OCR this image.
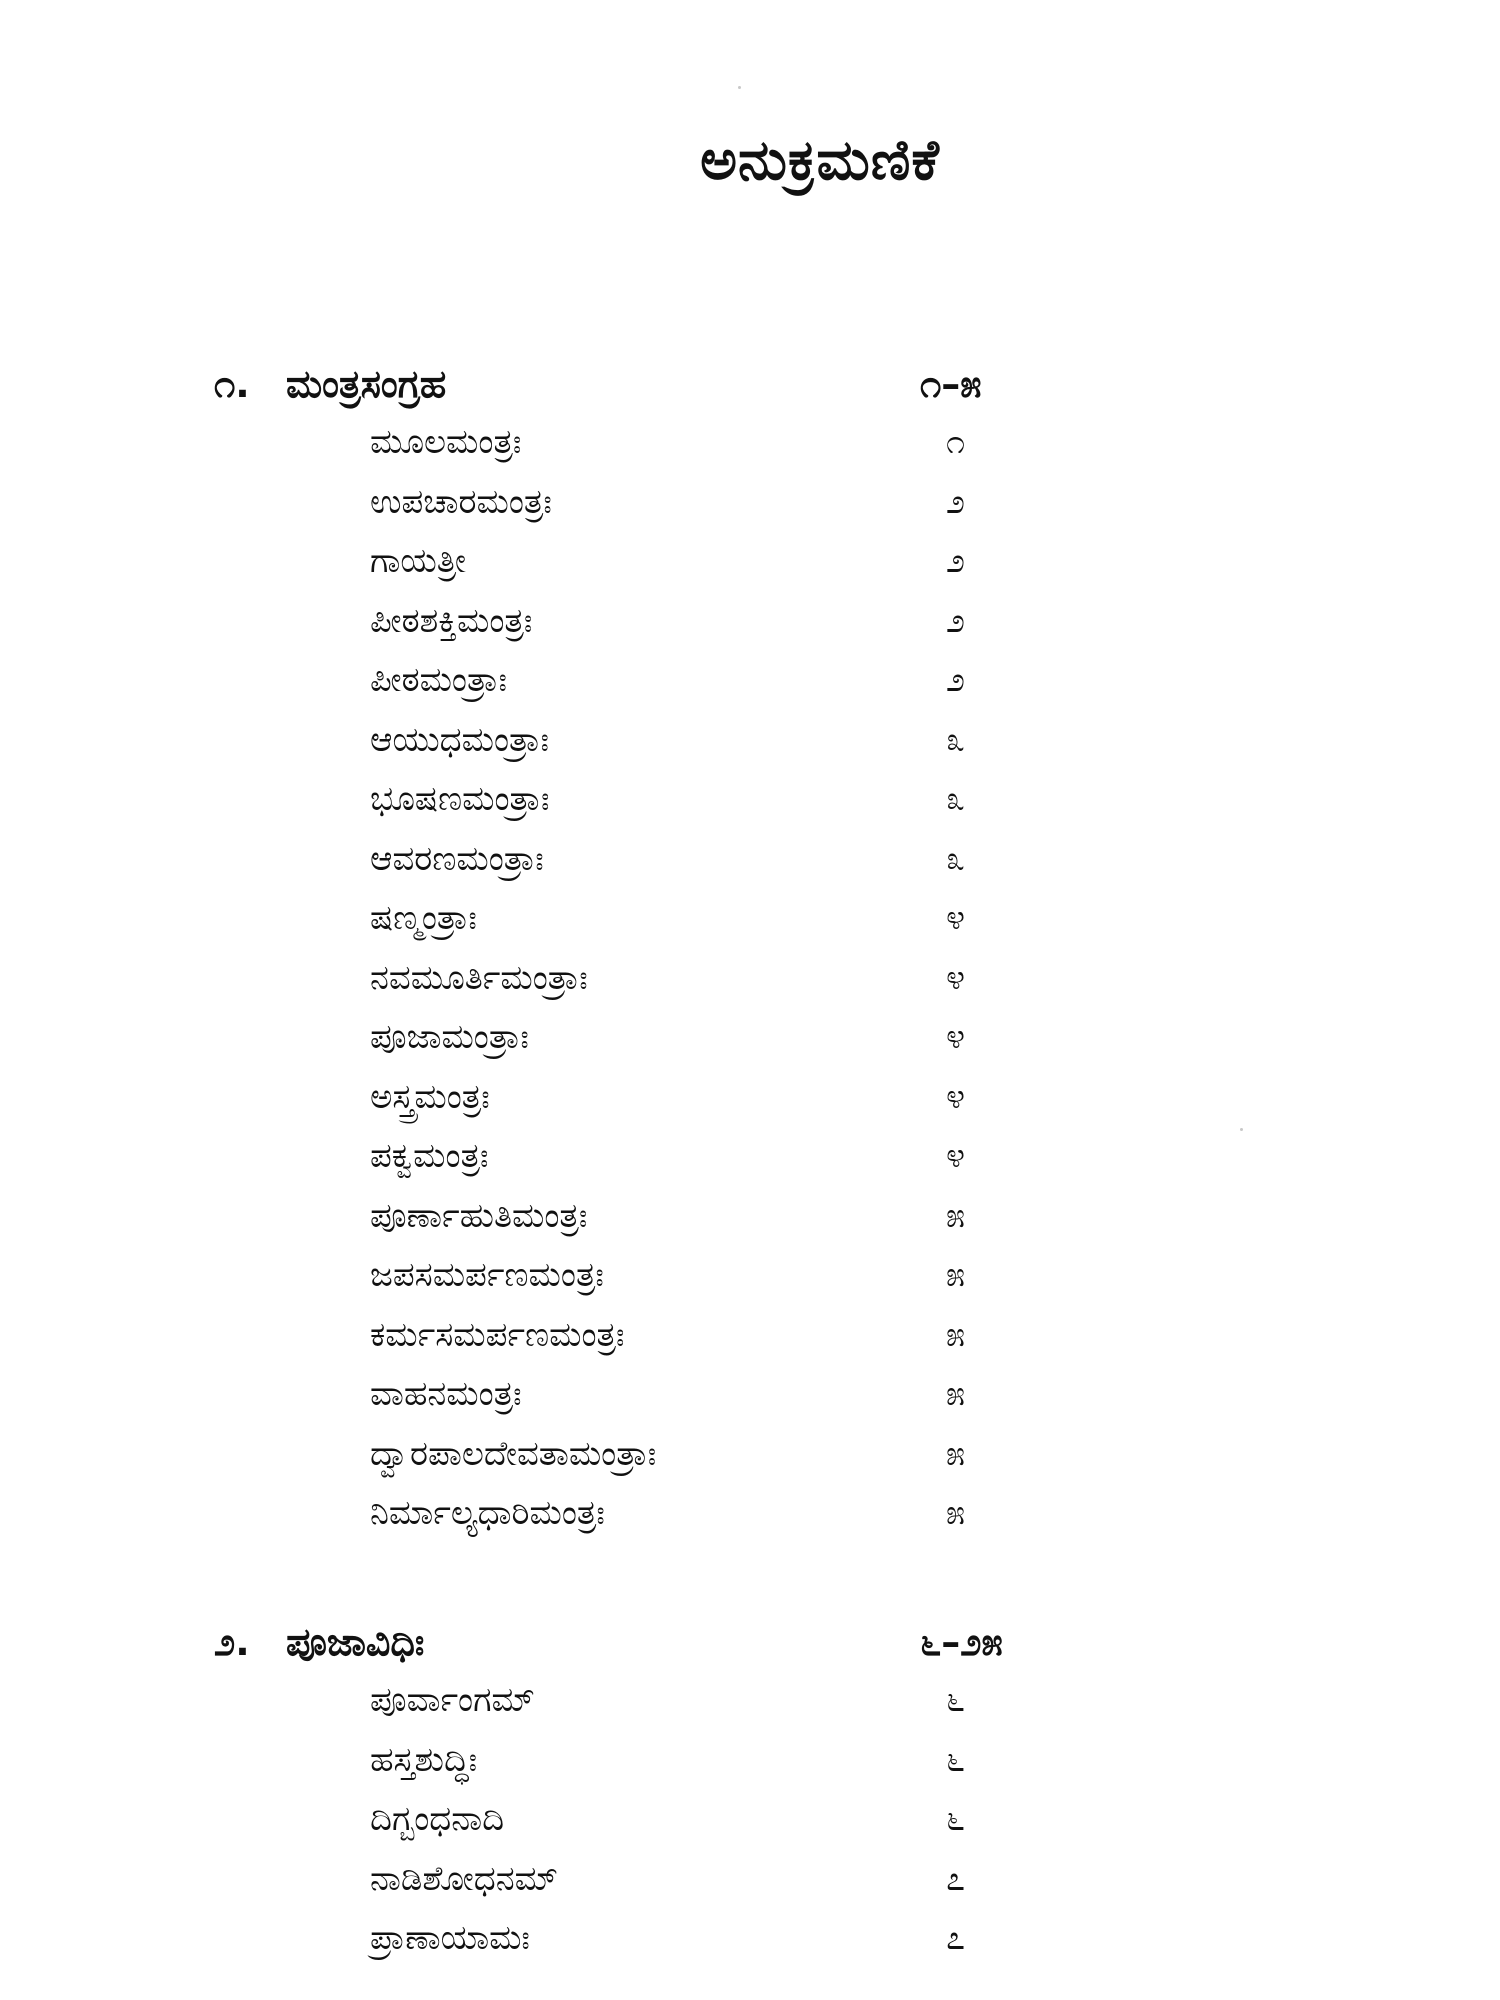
ಅನುಕ್ರಮಣಿಕೆ
೧. ಮಂತ್ರಸಂಗ್ರಹ	೧–೫
ಮೂಲಮಂತ್ರಃ	೧
ಉಪಚಾರಮಂತ್ರಃ	೨
ಗಾಯತ್ರೀ	೨
ಪೀಠಶಕ್ತಿಮಂತ್ರಃ	೨
ಪೀಠಮಂತ್ರಾಃ	೨
ಆಯುಧಮಂತ್ರಾಃ	೩
ಭೂಷಣಮಂತ್ರಾಃ	೩
ಆವರಣಮಂತ್ರಾಃ	೩
ಷಣ್ಮಂತ್ರಾಃ	೪
ನವಮೂರ್ತಿಮಂತ್ರಾಃ	೪
ಪೂಜಾಮಂತ್ರಾಃ	೪
ಅಸ್ತ್ರಮಂತ್ರಃ	೪
ಪಕ್ವಮಂತ್ರಃ	೪
ಪೂರ್ಣಾಹುತಿಮಂತ್ರಃ	೫
ಜಪಸಮರ್ಪಣಮಂತ್ರಃ	೫
ಕರ್ಮಸಮರ್ಪಣಮಂತ್ರಃ	೫
ವಾಹನಮಂತ್ರಃ	೫
ದ್ವಾರಪಾಲದೇವತಾಮಂತ್ರಾಃ	೫
ನಿರ್ಮಾಲ್ಯಧಾರಿಮಂತ್ರಃ	೫
೨. ಪೂಜಾವಿಧಿಃ	೬–೨೫
ಪೂರ್ವಾಂಗಮ್	೬
ಹಸ್ತಶುದ್ಧಿಃ	೬
ದಿಗ್ಬಂಧನಾದಿ	೬
ನಾಡಿಶೋಧನಮ್	೭
ಪ್ರಾಣಾಯಾಮಃ	೭
